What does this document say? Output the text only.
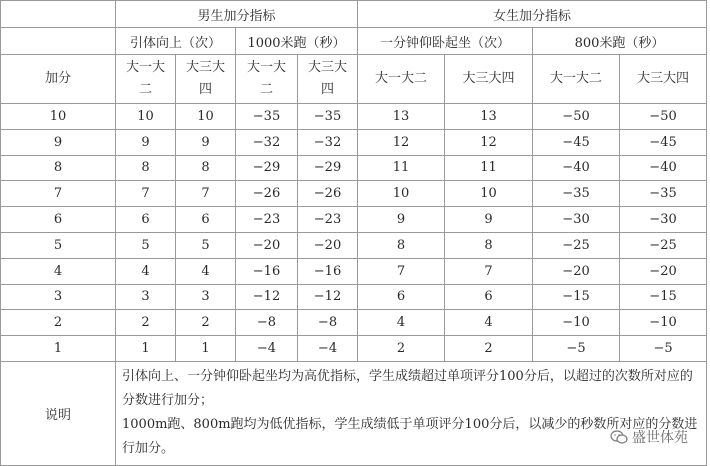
	男生加分指标				女生加分指标			
	引体向上（次）		1000米跑（秒）		一分钟仰卧起坐（次）		800米跑（秒）	
加分	大一大二	大三大四	大一大二	大三大四	大一大二	大三大四	大一大二	大三大四
10	10	10	−35	−35	13	13	−50	−50
9	9	9	−32	−32	12	12	−45	−45
8	8	8	−29	−29	11	11	−40	−40
7	7	7	−26	−26	10	10	−35	−35
6	6	6	−23	−23	9	9	−30	−30
5	5	5	−20	−20	8	8	−25	−25
4	4	4	−16	−16	7	7	−20	−20
3	3	3	−12	−12	6	6	−15	−15
2	2	2	−8	−8	4	4	−10	−10
1	1	1	−4	−4	2	2	−5	−5
说明	引体向上、一分钟仰卧起坐均为高优指标，学生成绩超过单项评分100分后，以超过的次数所对应的分数进行加分；
1000m跑、800m跑均为低优指标，学生成绩低于单项评分100分后，以减少的秒数所对应的分数进行加分。							
盛世体苑
